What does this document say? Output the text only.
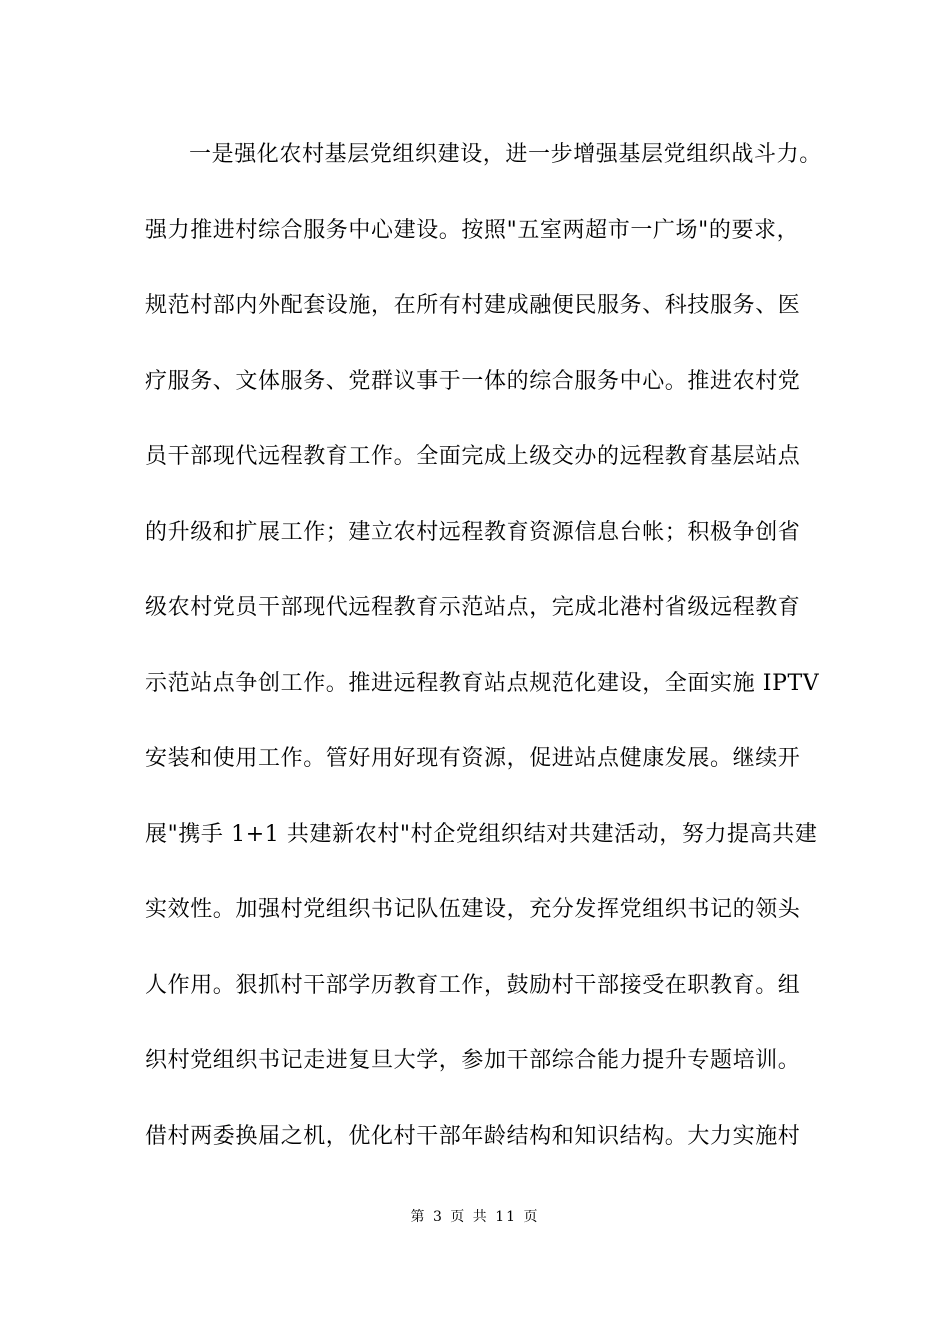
一是强化农村基层党组织建设，进一步增强基层党组织战斗力。
强力推进村综合服务中心建设。按照"五室两超市一广场"的要求，
规范村部内外配套设施，在所有村建成融便民服务、科技服务、医
疗服务、文体服务、党群议事于一体的综合服务中心。推进农村党
员干部现代远程教育工作。全面完成上级交办的远程教育基层站点
的升级和扩展工作；建立农村远程教育资源信息台帐；积极争创省
级农村党员干部现代远程教育示范站点，完成北港村省级远程教育
示范站点争创工作。推进远程教育站点规范化建设，全面实施 IPTV
安装和使用工作。管好用好现有资源，促进站点健康发展。继续开
展"携手 1+1 共建新农村"村企党组织结对共建活动，努力提高共建
实效性。加强村党组织书记队伍建设，充分发挥党组织书记的领头
人作用。狠抓村干部学历教育工作，鼓励村干部接受在职教育。组
织村党组织书记走进复旦大学，参加干部综合能力提升专题培训。
借村两委换届之机，优化村干部年龄结构和知识结构。大力实施村
第 3 页 共 11 页
